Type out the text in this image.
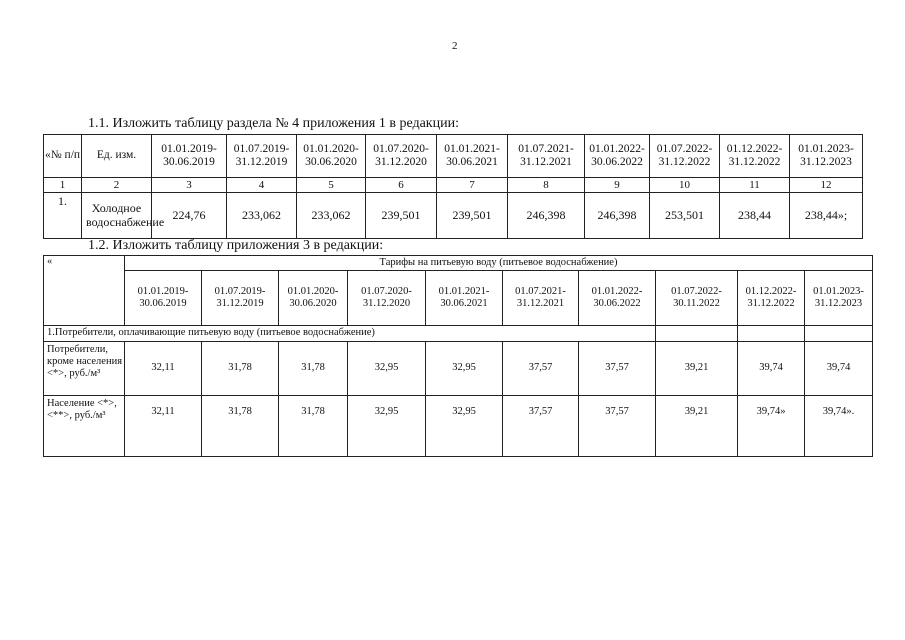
2
1.1. Изложить таблицу раздела № 4 приложения 1 в редакции:
«№ п/п	Ед. изм.	01.01.2019-30.06.2019	01.07.2019-31.12.2019	01.01.2020-30.06.2020	01.07.2020-31.12.2020	01.01.2021-30.06.2021	01.07.2021-31.12.2021	01.01.2022-30.06.2022	01.07.2022-31.12.2022	01.12.2022-31.12.2022	01.01.2023-31.12.2023
1	2	3	4	5	6	7	8	9	10	11	12
1.	Холодное водоснабжение	224,76	233,062	233,062	239,501	239,501	246,398	246,398	253,501	238,44	238,44»;
1.2. Изложить таблицу приложения 3 в редакции:
«	Тарифы на питьевую воду (питьевое водоснабжение)									
	01.01.2019-30.06.2019	01.07.2019-31.12.2019	01.01.2020-30.06.2020	01.07.2020-31.12.2020	01.01.2021-30.06.2021	01.07.2021-31.12.2021	01.01.2022-30.06.2022	01.07.2022-30.11.2022	01.12.2022-31.12.2022	01.01.2023-31.12.2023
1.Потребители, оплачивающие питьевую воду (питьевое водоснабжение)										
Потребители, кроме населения <*>, руб./м³	32,11	31,78	31,78	32,95	32,95	37,57	37,57	39,21	39,74	39,74
Население <*>, <**>, руб./м³	32,11	31,78	31,78	32,95	32,95	37,57	37,57	39,21	39,74»	39,74».
